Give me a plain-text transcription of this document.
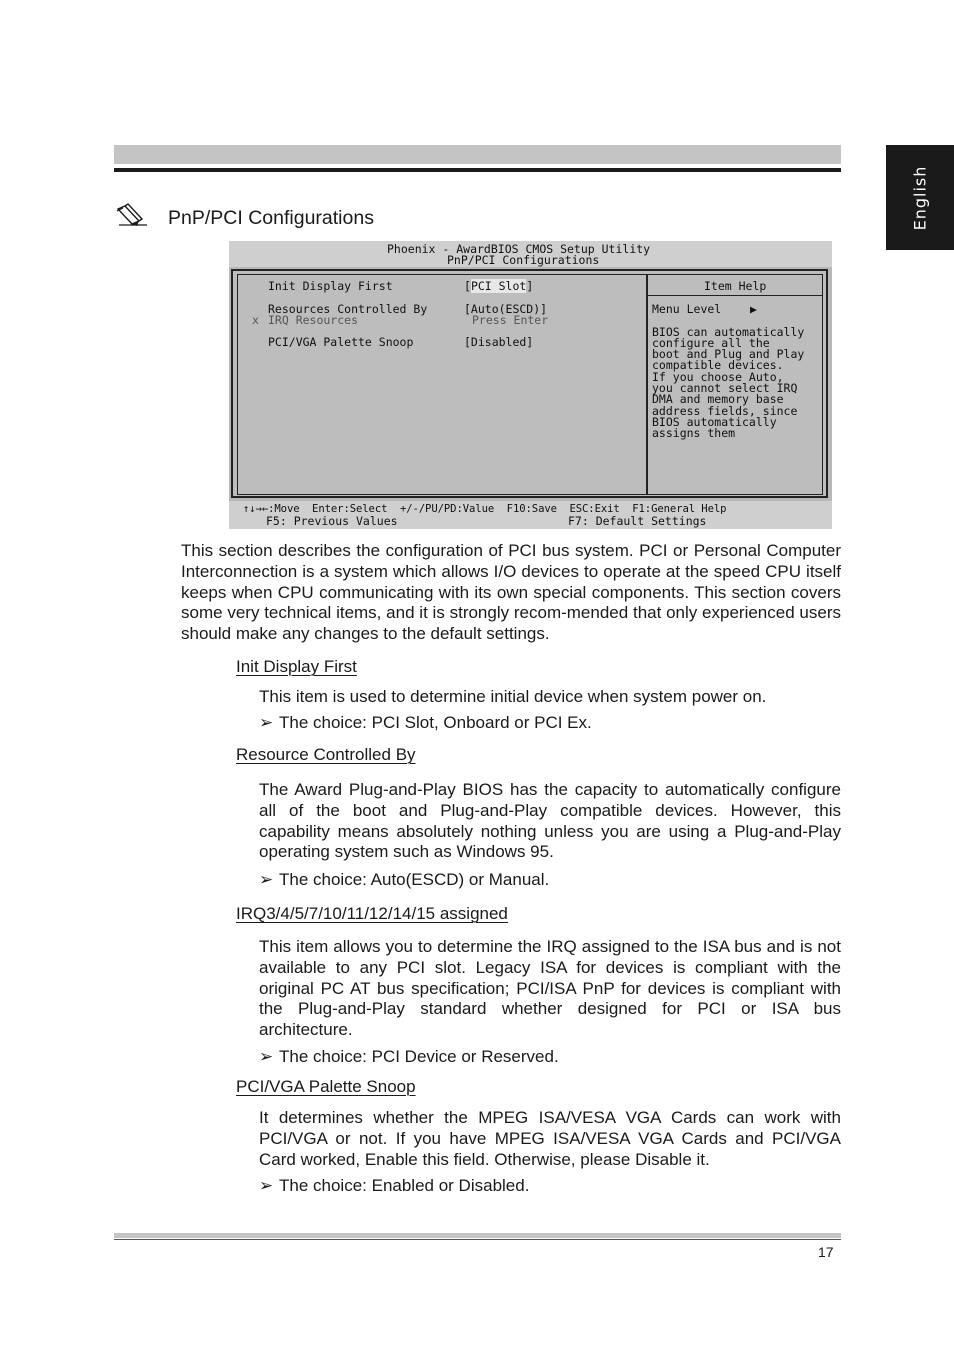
English
PnP/PCI Configurations
Phoenix - AwardBIOS CMOS Setup Utility
PnP/PCI Configurations
Init Display First	[PCI Slot]
Resources Controlled By	[Auto(ESCD)]
x IRQ Resources	Press Enter
PCI/VGA Palette Snoop	[Disabled]
Item Help
Menu Level	▶
BIOS can automatically
configure all the
boot and Plug and Play
compatible devices.
If you choose Auto,
you cannot select IRQ
DMA and memory base
address fields, since
BIOS automatically
assigns them
↑↓→←:Move  Enter:Select  +/-/PU/PD:Value  F10:Save  ESC:Exit  F1:General Help
F5: Previous Values	F7: Default Settings
This section describes the configuration of PCI bus system. PCI or Personal Computer Interconnection is a system which allows I/O devices to operate at the speed CPU itself keeps when CPU communicating with its own special components. This section covers some very technical items, and it is strongly recom-mended that only experienced users should make any changes to the default settings.
Init Display First
This item is used to determine initial device when system power on.
➢ The choice: PCI Slot, Onboard or PCI Ex.
Resource Controlled By
The Award Plug-and-Play BIOS has the capacity to automatically configure all of the boot and Plug-and-Play compatible devices. However, this capability means absolutely nothing unless you are using a Plug-and-Play operating system such as Windows 95.
➢ The choice: Auto(ESCD) or Manual.
IRQ3/4/5/7/10/11/12/14/15 assigned
This item allows you to determine the IRQ assigned to the ISA bus and is not available to any PCI slot. Legacy ISA for devices is compliant with the original PC AT bus specification; PCI/ISA PnP for devices is compliant with the Plug-and-Play standard whether designed for PCI or ISA bus architecture.
➢ The choice: PCI Device or Reserved.
PCI/VGA Palette Snoop
It determines whether the MPEG ISA/VESA VGA Cards can work with PCI/VGA or not. If you have MPEG ISA/VESA VGA Cards and PCI/VGA Card worked, Enable this field. Otherwise, please Disable it.
➢ The choice: Enabled or Disabled.
17
